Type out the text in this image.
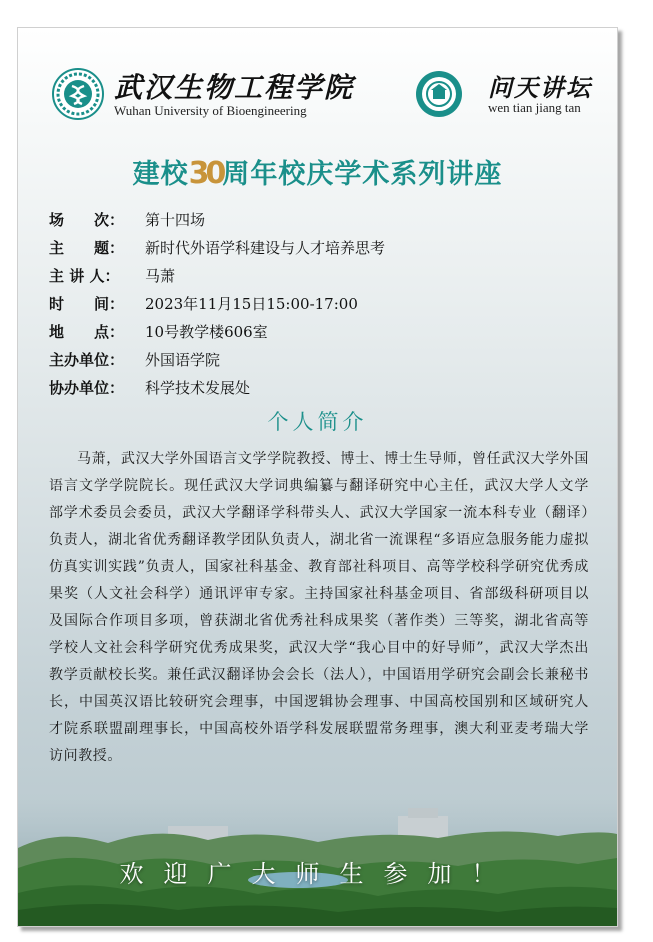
武汉生物工程学院
Wuhan University of Bioengineering
问天讲坛
wen tian jiang tan
建校30周年校庆学术系列讲座
场　　次： 第十四场
主　　题： 新时代外语学科建设与人才培养思考
主 讲 人： 马萧
时　　间： 2023年11月15日15:00-17:00
地　　点： 10号教学楼606室
主办单位： 外国语学院
协办单位： 科学技术发展处
个人简介
马萧，武汉大学外国语言文学学院教授、博士、博士生导师，曾任武汉大学外国语言文学学院院长。现任武汉大学词典编纂与翻译研究中心主任，武汉大学人文学部学术委员会委员，武汉大学翻译学科带头人、武汉大学国家一流本科专业（翻译）负责人，湖北省优秀翻译教学团队负责人，湖北省一流课程“多语应急服务能力虚拟仿真实训实践”负责人，国家社科基金、教育部社科项目、高等学校科学研究优秀成果奖（人文社会科学）通讯评审专家。主持国家社科基金项目、省部级科研项目以及国际合作项目多项，曾获湖北省优秀社科成果奖（著作类）三等奖，湖北省高等学校人文社会科学研究优秀成果奖，武汉大学“我心目中的好导师”，武汉大学杰出教学贡献校长奖。兼任武汉翻译协会会长（法人），中国语用学研究会副会长兼秘书长，中国英汉语比较研究会理事，中国逻辑协会理事、中国高校国别和区域研究人才院系联盟副理事长，中国高校外语学科发展联盟常务理事，澳大利亚麦考瑞大学访问教授。
欢迎广大师生参加！
